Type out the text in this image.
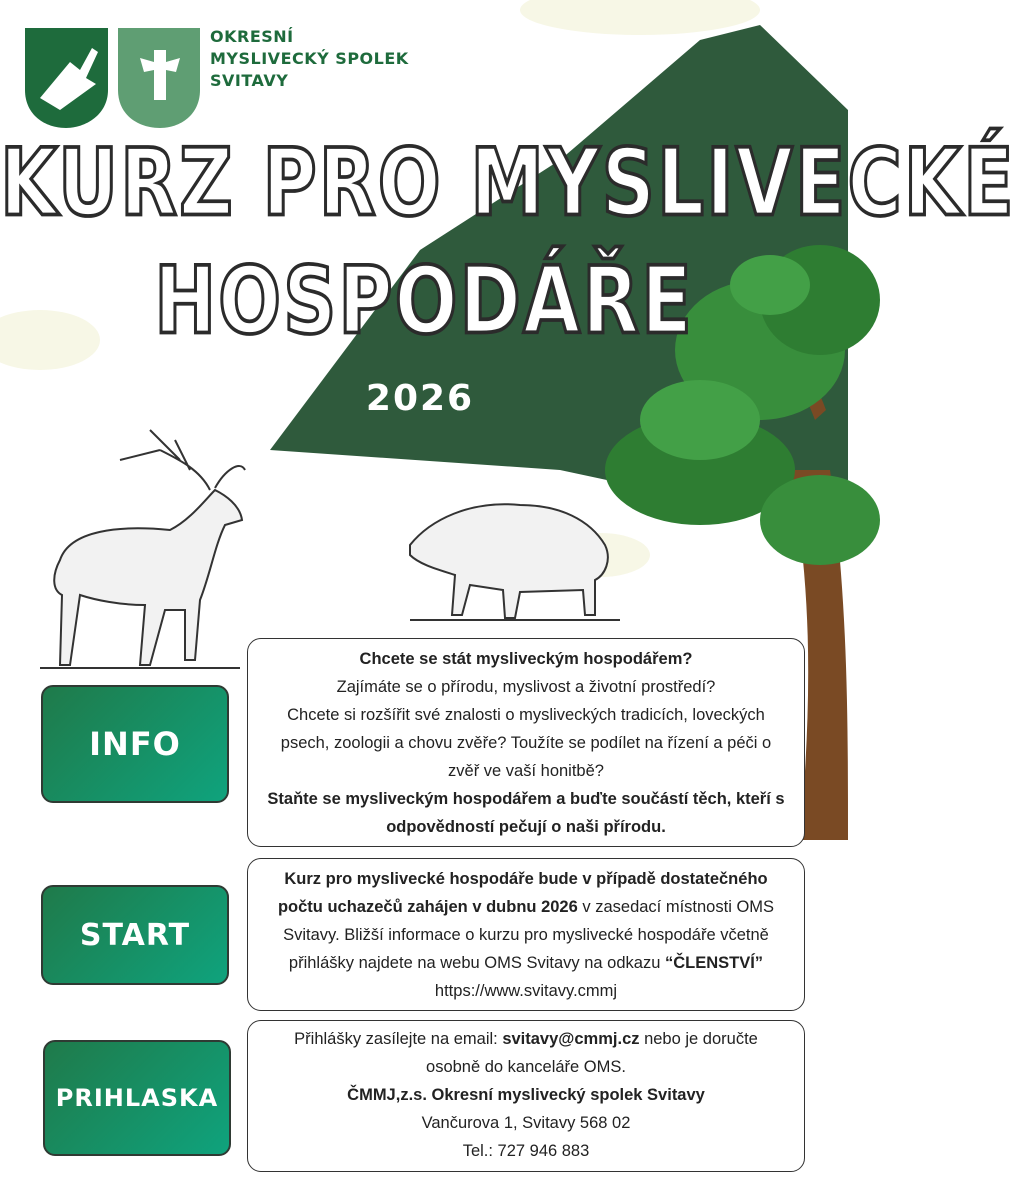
OKRESNÍ
MYSLIVECKÝ SPOLEK
SVITAVY
KURZ PRO MYSLIVECKÉ
HOSPODÁŘE
2026
INFO
START
PRIHLASKA
Chcete se stát mysliveckým hospodářem?
Zajímáte se o přírodu, myslivost a životní prostředí?
Chcete si rozšířit své znalosti o mysliveckých tradicích, loveckých
psech, zoologii a chovu zvěře? Toužíte se podílet na řízení a péči o
zvěř ve vaší honitbě?
Staňte se mysliveckým hospodářem a buďte součástí těch, kteří s
odpovědností pečují o naši přírodu.
Kurz pro myslivecké hospodáře bude v případě dostatečného
počtu uchazečů zahájen v dubnu 2026 v zasedací místnosti OMS
Svitavy. Bližší informace o kurzu pro myslivecké hospodáře včetně
přihlášky najdete na webu OMS Svitavy na odkazu “ČLENSTVÍ”
https://www.svitavy.cmmj
Přihlášky zasílejte na email: svitavy@cmmj.cz nebo je doručte
osobně do kanceláře OMS.
ČMMJ,z.s. Okresní myslivecký spolek Svitavy
Vančurova 1, Svitavy 568 02
Tel.: 727 946 883
